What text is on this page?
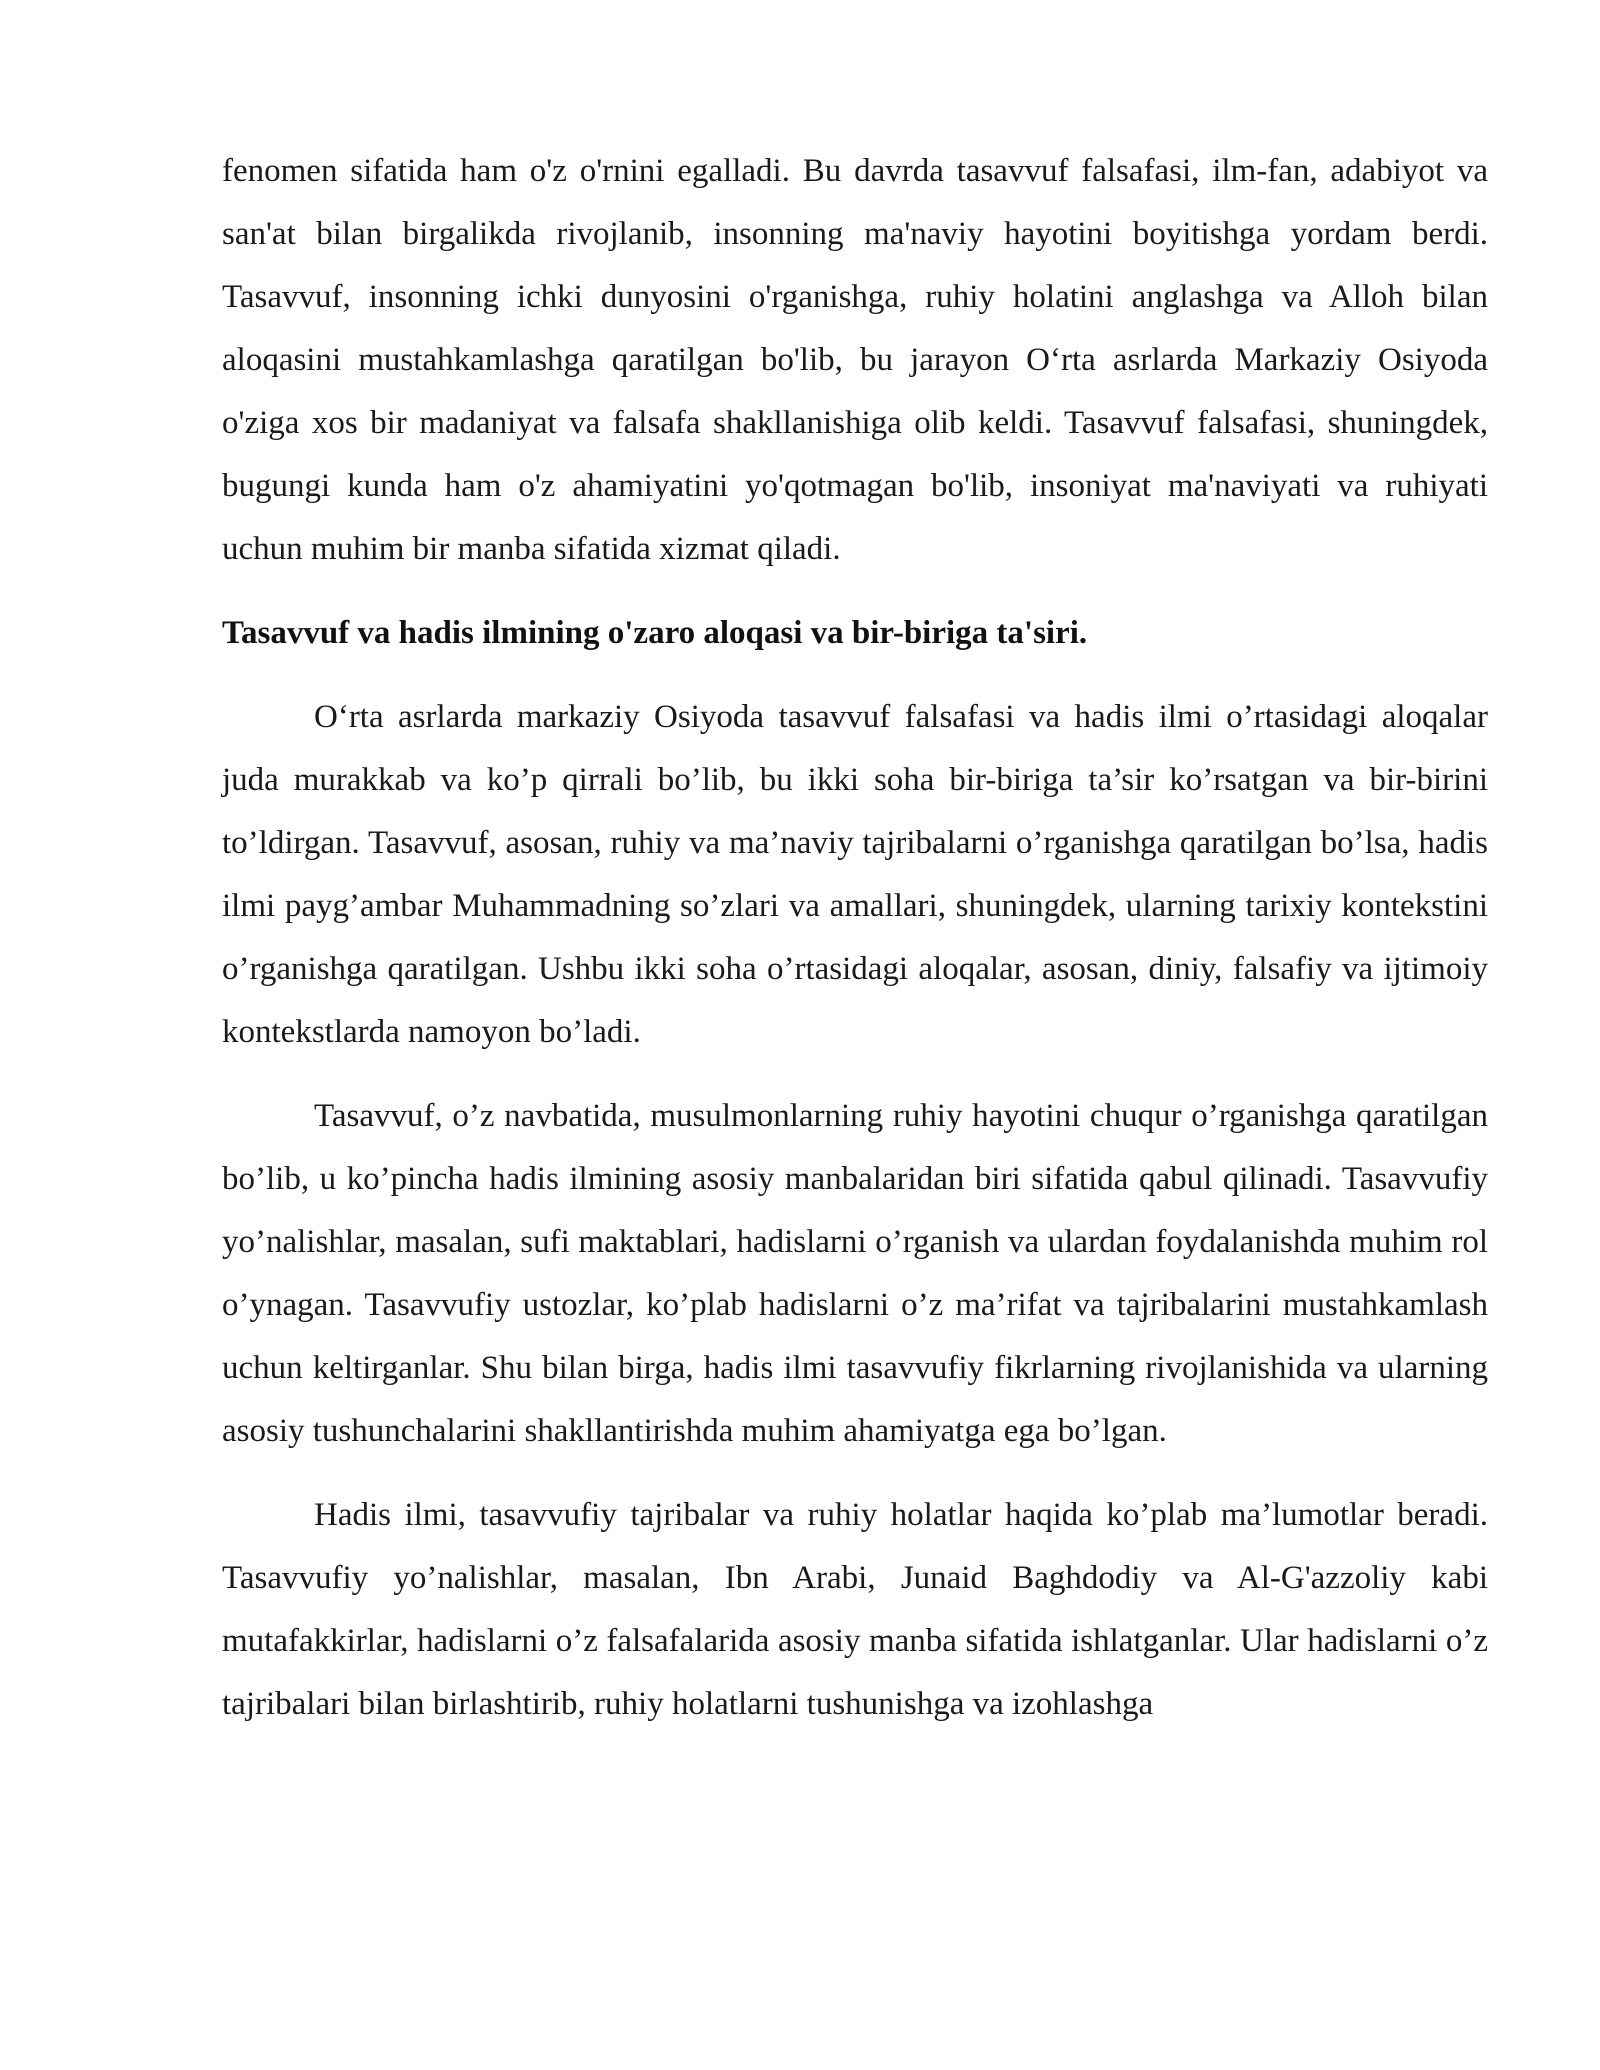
fenomen sifatida ham o'z o'rnini egalladi. Bu davrda tasavvuf falsafasi, ilm-fan, adabiyot va san'at bilan birgalikda rivojlanib, insonning ma'naviy hayotini boyitishga yordam berdi. Tasavvuf, insonning ichki dunyosini o'rganishga, ruhiy holatini anglashga va Alloh bilan aloqasini mustahkamlashga qaratilgan bo'lib, bu jarayon O‘rta asrlarda Markaziy Osiyoda o'ziga xos bir madaniyat va falsafa shakllanishiga olib keldi. Tasavvuf falsafasi, shuningdek, bugungi kunda ham o'z ahamiyatini yo'qotmagan bo'lib, insoniyat ma'naviyati va ruhiyati uchun muhim bir manba sifatida xizmat qiladi.

Tasavvuf va hadis ilmining o'zaro aloqasi va bir-biriga ta'siri.

O‘rta asrlarda markaziy Osiyoda tasavvuf falsafasi va hadis ilmi o’rtasidagi aloqalar juda murakkab va ko’p qirrali bo’lib, bu ikki soha bir-biriga ta’sir ko’rsatgan va bir-birini to’ldirgan. Tasavvuf, asosan, ruhiy va ma’naviy tajribalarni o’rganishga qaratilgan bo’lsa, hadis ilmi payg’ambar Muhammadning so’zlari va amallari, shuningdek, ularning tarixiy kontekstini o’rganishga qaratilgan. Ushbu ikki soha o’rtasidagi aloqalar, asosan, diniy, falsafiy va ijtimoiy kontekstlarda namoyon bo’ladi.

Tasavvuf, o’z navbatida, musulmonlarning ruhiy hayotini chuqur o’rganishga qaratilgan bo’lib, u ko’pincha hadis ilmining asosiy manbalaridan biri sifatida qabul qilinadi. Tasavvufiy yo’nalishlar, masalan, sufi maktablari, hadislarni o’rganish va ulardan foydalanishda muhim rol o’ynagan. Tasavvufiy ustozlar, ko’plab hadislarni o’z ma’rifat va tajribalarini mustahkamlash uchun keltirganlar. Shu bilan birga, hadis ilmi tasavvufiy fikrlarning rivojlanishida va ularning asosiy tushunchalarini shakllantirishda muhim ahamiyatga ega bo’lgan.

Hadis ilmi, tasavvufiy tajribalar va ruhiy holatlar haqida ko’plab ma’lumotlar beradi. Tasavvufiy yo’nalishlar, masalan, Ibn Arabi, Junaid Baghdodiy va Al-G'azzoliy kabi mutafakkirlar, hadislarni o’z falsafalarida asosiy manba sifatida ishlatganlar. Ular hadislarni o’z tajribalari bilan birlashtirib, ruhiy holatlarni tushunishga va izohlashga
